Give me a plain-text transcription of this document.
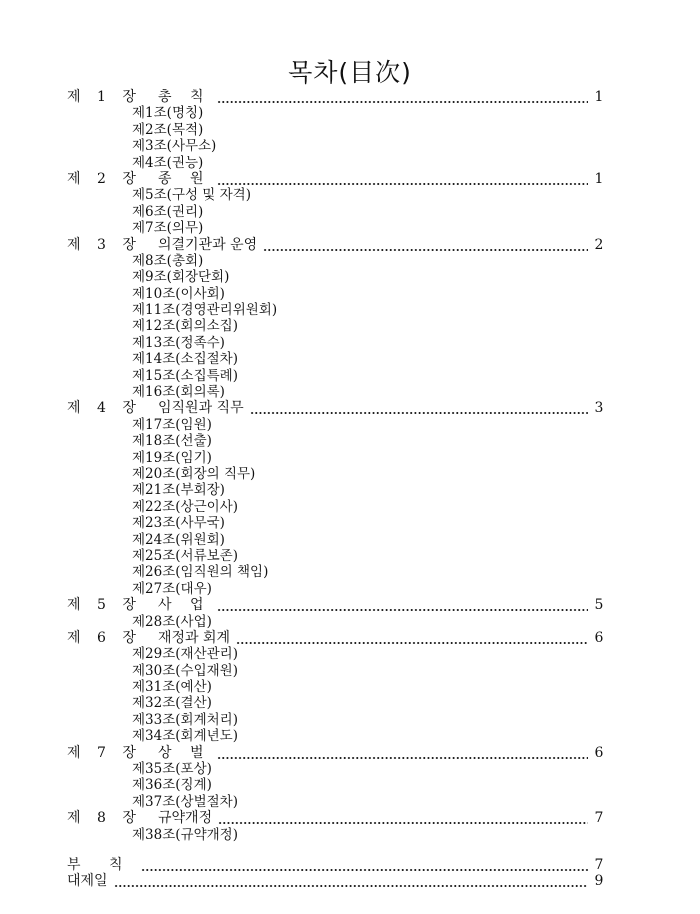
목차(目次)
제 1 장 총 칙	1
제1조(명칭)
제2조(목적)
제3조(사무소)
제4조(권능)
제 2 장 종 원	1
제5조(구성 및 자격)
제6조(권리)
제7조(의무)
제 3 장 의결기관과 운영	2
제8조(총회)
제9조(회장단회)
제10조(이사회)
제11조(경영관리위원회)
제12조(회의소집)
제13조(정족수)
제14조(소집절차)
제15조(소집특례)
제16조(회의록)
제 4 장 임직원과 직무	3
제17조(임원)
제18조(선출)
제19조(임기)
제20조(회장의 직무)
제21조(부회장)
제22조(상근이사)
제23조(사무국)
제24조(위원회)
제25조(서류보존)
제26조(임직원의 책임)
제27조(대우)
제 5 장 사 업	5
제28조(사업)
제 6 장 재정과 회계	6
제29조(재산관리)
제30조(수입재원)
제31조(예산)
제32조(결산)
제33조(회계처리)
제34조(회계년도)
제 7 장 상 벌	6
제35조(포상)
제36조(징계)
제37조(상벌절차)
제 8 장 규약개정	7
제38조(규약개정)
부 칙	7
대제일	9
